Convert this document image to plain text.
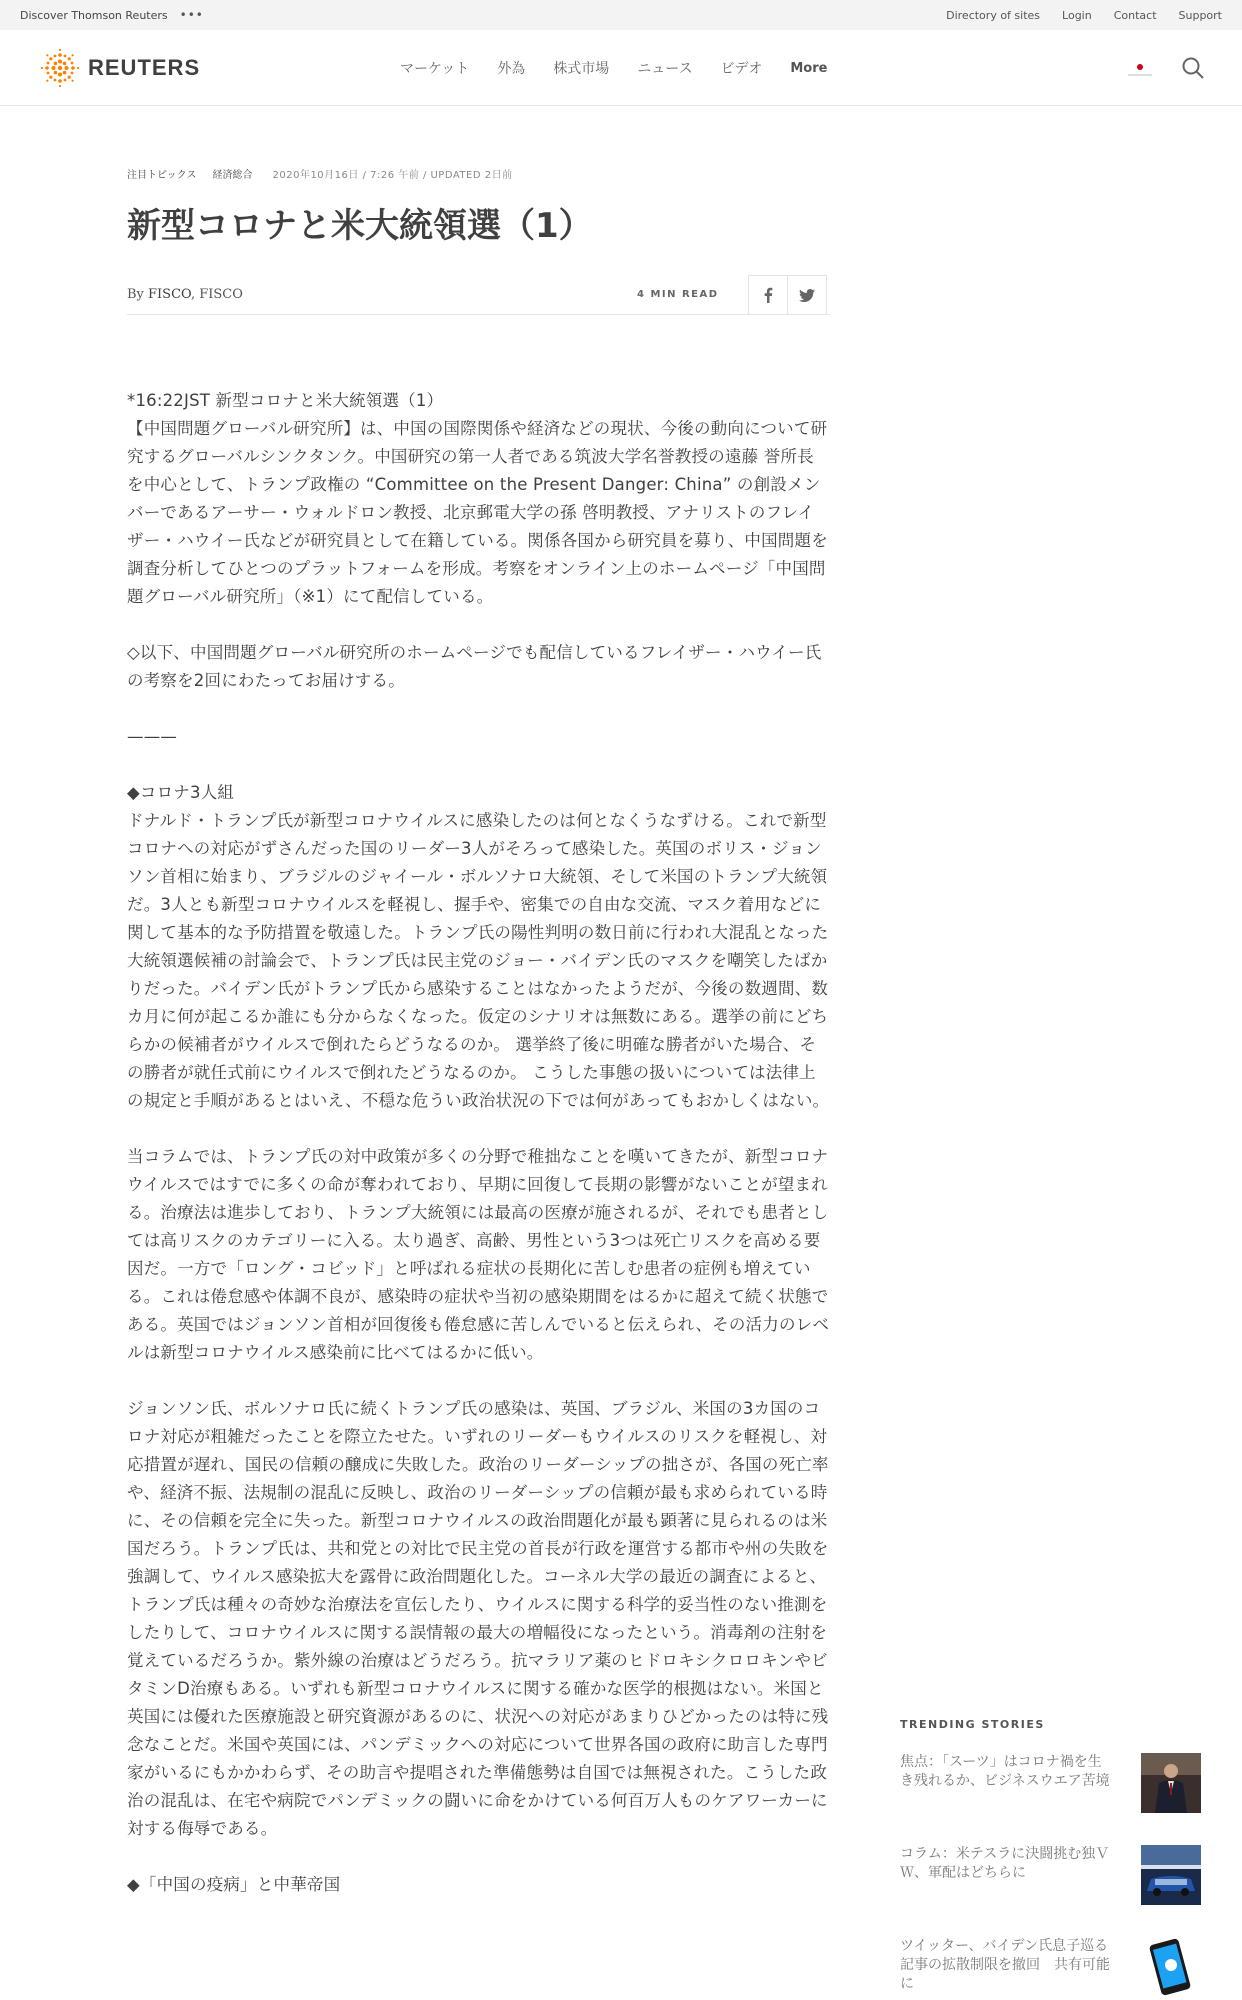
Discover Thomson Reuters •••	Directory of sites Login Contact Support
REUTERS	マーケット 外為 株式市場 ニュース ビデオ More
注目トピックス 経済総合 2020年10月16日 / 7:26 午前 / UPDATED 2日前
新型コロナと米大統領選（1）
By FISCO, FISCO	4 MIN READ

*16:22JST 新型コロナと米大統領選（1）
【中国問題グローバル研究所】は、中国の国際関係や経済などの現状、今後の動向について研究するグローバルシンクタンク。中国研究の第一人者である筑波大学名誉教授の遠藤 誉所長を中心として、トランプ政権の “Committee on the Present Danger: China” の創設メンバーであるアーサー・ウォルドロン教授、北京郵電大学の孫 啓明教授、アナリストのフレイザー・ハウイー氏などが研究員として在籍している。関係各国から研究員を募り、中国問題を調査分析してひとつのプラットフォームを形成。考察をオンライン上のホームページ「中国問題グローバル研究所」（※1）にて配信している。

◇以下、中国問題グローバル研究所のホームページでも配信しているフレイザー・ハウイー氏の考察を2回にわたってお届けする。

———

◆コロナ3人組
ドナルド・トランプ氏が新型コロナウイルスに感染したのは何となくうなずける。これで新型コロナへの対応がずさんだった国のリーダー3人がそろって感染した。英国のボリス・ジョンソン首相に始まり、ブラジルのジャイール・ボルソナロ大統領、そして米国のトランプ大統領だ。3人とも新型コロナウイルスを軽視し、握手や、密集での自由な交流、マスク着用などに関して基本的な予防措置を敬遠した。トランプ氏の陽性判明の数日前に行われ大混乱となった大統領選候補の討論会で、トランプ氏は民主党のジョー・バイデン氏のマスクを嘲笑したばかりだった。バイデン氏がトランプ氏から感染することはなかったようだが、今後の数週間、数カ月に何が起こるか誰にも分からなくなった。仮定のシナリオは無数にある。選挙の前にどちらかの候補者がウイルスで倒れたらどうなるのか。 選挙終了後に明確な勝者がいた場合、その勝者が就任式前にウイルスで倒れたどうなるのか。 こうした事態の扱いについては法律上の規定と手順があるとはいえ、不穏な危うい政治状況の下では何があってもおかしくはない。

当コラムでは、トランプ氏の対中政策が多くの分野で稚拙なことを嘆いてきたが、新型コロナウイルスではすでに多くの命が奪われており、早期に回復して長期の影響がないことが望まれる。治療法は進歩しており、トランプ大統領には最高の医療が施されるが、それでも患者としては高リスクのカテゴリーに入る。太り過ぎ、高齢、男性という3つは死亡リスクを高める要因だ。一方で「ロング・コビッド」と呼ばれる症状の長期化に苦しむ患者の症例も増えている。これは倦怠感や体調不良が、感染時の症状や当初の感染期間をはるかに超えて続く状態である。英国ではジョンソン首相が回復後も倦怠感に苦しんでいると伝えられ、その活力のレベルは新型コロナウイルス感染前に比べてはるかに低い。

ジョンソン氏、ボルソナロ氏に続くトランプ氏の感染は、英国、ブラジル、米国の3カ国のコロナ対応が粗雑だったことを際立たせた。いずれのリーダーもウイルスのリスクを軽視し、対応措置が遅れ、国民の信頼の醸成に失敗した。政治のリーダーシップの拙さが、各国の死亡率や、経済不振、法規制の混乱に反映し、政治のリーダーシップの信頼が最も求められている時に、その信頼を完全に失った。新型コロナウイルスの政治問題化が最も顕著に見られるのは米国だろう。トランプ氏は、共和党との対比で民主党の首長が行政を運営する都市や州の失敗を強調して、ウイルス感染拡大を露骨に政治問題化した。コーネル大学の最近の調査によると、トランプ氏は種々の奇妙な治療法を宣伝したり、ウイルスに関する科学的妥当性のない推測をしたりして、コロナウイルスに関する誤情報の最大の増幅役になったという。消毒剤の注射を覚えているだろうか。紫外線の治療はどうだろう。抗マラリア薬のヒドロキシクロロキンやビタミンD治療もある。いずれも新型コロナウイルスに関する確かな医学的根拠はない。米国と英国には優れた医療施設と研究資源があるのに、状況への対応があまりひどかったのは特に残念なことだ。米国や英国には、パンデミックへの対応について世界各国の政府に助言した専門家がいるにもかかわらず、その助言や提唱された準備態勢は自国では無視された。こうした政治の混乱は、在宅や病院でパンデミックの闘いに命をかけている何百万人ものケアワーカーに対する侮辱である。

◆「中国の疫病」と中華帝国

TRENDING STORIES
焦点：「スーツ」はコロナ禍を生き残れるか、ビジネスウエア苦境
コラム：米テスラに決闘挑む独ＶＷ、軍配はどちらに
ツイッター、バイデン氏息子巡る記事の拡散制限を撤回　共有可能に
